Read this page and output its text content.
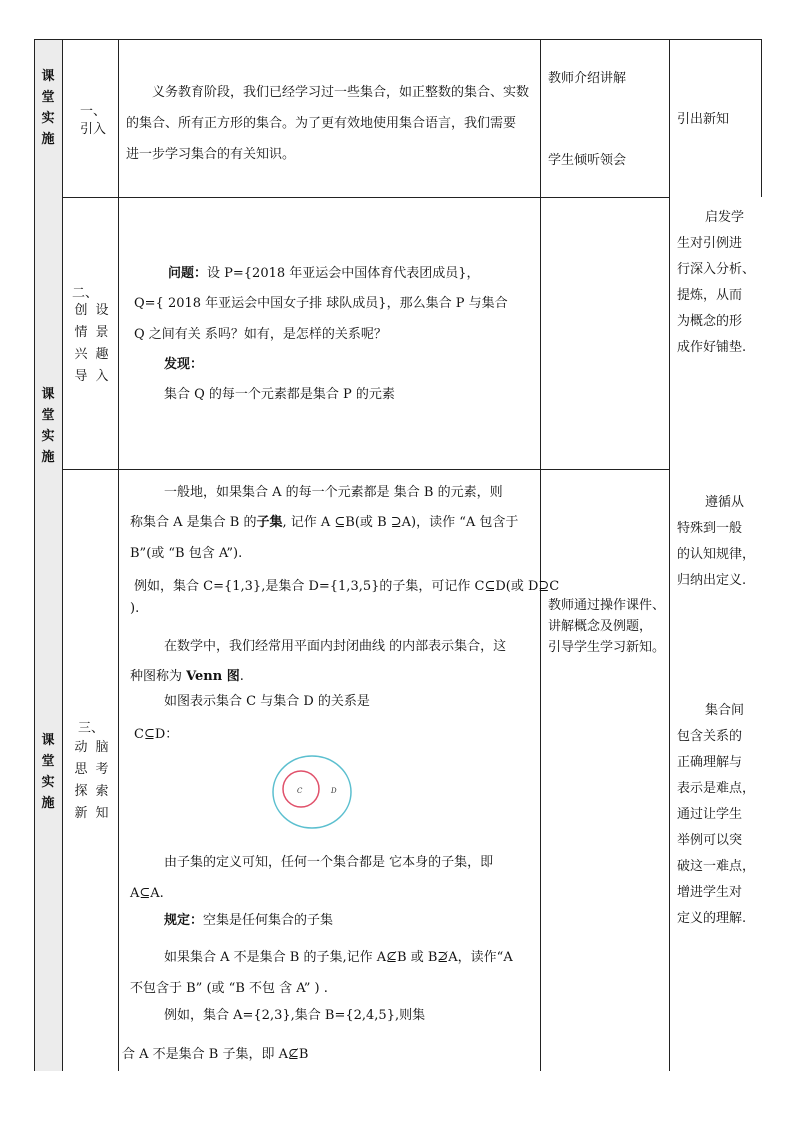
课
堂
实
施
一、
引入
义务教育阶段，我们已经学习过一些集合，如正整数的集合、实数
的集合、所有正方形的集合。为了更有效地使用集合语言，我们需要
进一步学习集合的有关知识。
教师介绍讲解
学生倾听领会
引出新知
课
堂
实
施
二、
创
情
兴
导
设
景
趣
入
问题：设 P={2018 年亚运会中国体育代表团成员}，
Q={ 2018 年亚运会中国女子排 球队成员}，那么集合 P 与集合
Q 之间有关 系吗？如有，是怎样的关系呢？
发现：
集合 Q 的每一个元素都是集合 P 的元素
启发学
生对引例进
行深入分析、
提炼，从而
为概念的形
成作好铺垫.
课
堂
实
施
三、
动
思
探
新
脑
考
索
知
一般地，如果集合 A 的每一个元素都是 集合 B 的元素，则
称集合 A 是集合 B 的子集, 记作 A ⊆B(或 B ⊇A)，读作 “A 包含于
B”(或 “B 包含 A”).
例如，集合 C={1,3},是集合 D={1,3,5}的子集，可记作 C⊆D(或 D⊇C
).
在数学中，我们经常用平面内封闭曲线 的内部表示集合，这
种图称为 Venn 图.
如图表示集合 C 与集合 D 的关系是
C⊆D：
C	D
由子集的定义可知，任何一个集合都是 它本身的子集，即
A⊆A.
规定：空集是任何集合的子集
如果集合 A 不是集合 B 的子集,记作 A⊈B 或 B⊉A，读作“A
不包含于 B” (或 “B 不包 含 A” ) .
例如，集合 A={2,3},集合 B={2,4,5},则集
合 A 不是集合 B 子集，即 A⊈B
教师通过操作课件、
讲解概念及例题，
引导学生学习新知。
遵循从
特殊到一般
的认知规律，
归纳出定义.
集合间
包含关系的
正确理解与
表示是难点，
通过让学生
举例可以突
破这一难点，
增进学生对
定义的理解.
